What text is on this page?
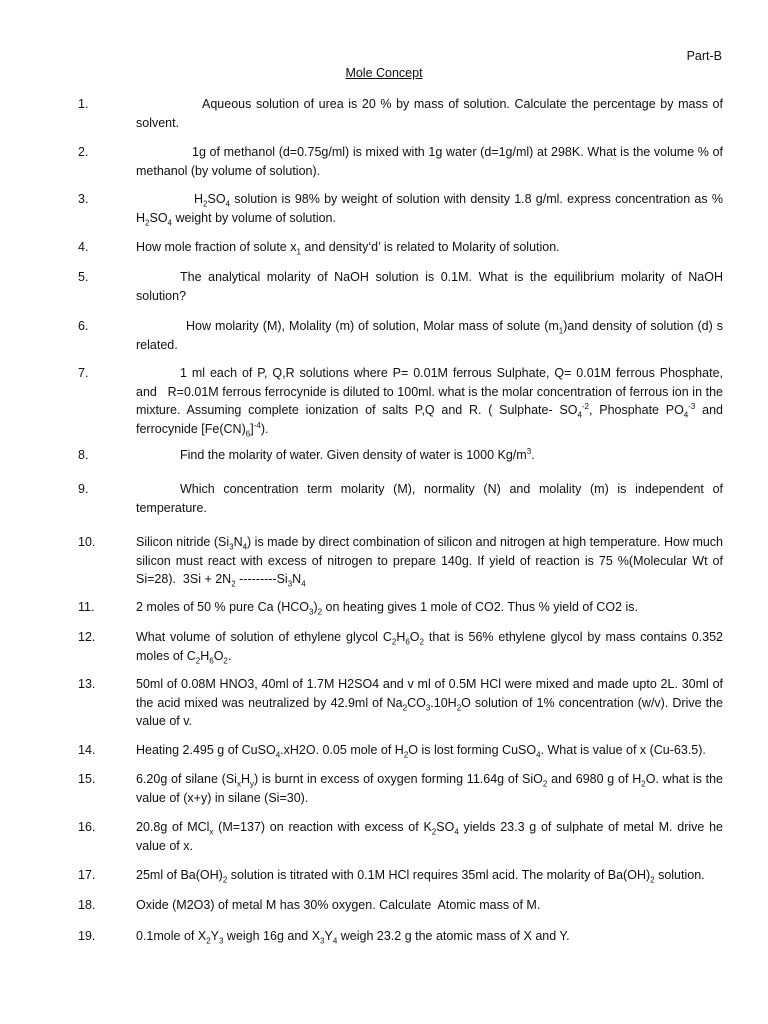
Part-B
Mole Concept
1.	Aqueous solution of urea is 20 % by mass of solution. Calculate the percentage by mass of solvent.
2.	1g of methanol (d=0.75g/ml) is mixed with 1g water (d=1g/ml) at 298K. What is the volume % of methanol (by volume of solution).
3.	$H_2SO_4$ solution is 98% by weight of solution with density 1.8 g/ml. express concentration as % $H_2SO_4$ weight by volume of solution.
4.	How mole fraction of solute $x_1$ and density‘d’ is related to Molarity of solution.
5.	The analytical molarity of NaOH solution is 0.1M. What is the equilibrium molarity of NaOH solution?
6.	How molarity (M), Molality (m) of solution, Molar mass of solute $(m_1)and$ density of solution (d) s related.
7.	1 ml each of P, Q,R solutions where P= 0.01M ferrous Sulphate, Q= 0.01M ferrous Phosphate, and   R=0.01M ferrous ferrocynide is diluted to 100ml. what is the molar concentration of ferrous ion in the mixture. Assuming complete ionization of salts P,Q and R. ( Sulphate- $SO_4^{-2}$, Phosphate $PO_4^{-3}$ and ferrocynide $[Fe(CN)_6]^{-4}$).
8.	Find the molarity of water. Given density of water is 1000 $Kg/m^3$.
9.	Which concentration term molarity (M), normality (N) and molality (m) is independent of temperature.
10.	Silicon nitride $(Si_3N_4)$ is made by direct combination of silicon and nitrogen at high temperature. How much silicon must react with excess of nitrogen to prepare 140g. If yield of reaction is 75 %(Molecular Wt of Si=28).  $3Si + 2N_2$ $---------Si_3N_4$
11.	2 moles of 50 % pure Ca $(HCO_3)_2$ on heating gives 1 mole of CO2. Thus % yield of CO2 is.
12.	What volume of solution of ethylene glycol $C_2H_6O_2$ that is 56% ethylene glycol by mass contains 0.352 moles of $C_2H_6O_2$.
13.	50ml of 0.08M HNO3, 40ml of 1.7M H2SO4 and v ml of 0.5M HCl were mixed and made upto 2L. 30ml of the acid mixed was neutralized by 42.9ml of $Na_2CO_3.10H_2O$ solution of 1% concentration (w/v). Drive the value of v.
14.	Heating 2.495 g of CuSO$_4$.xH2O. 0.05 mole of $H_2O$ is lost forming CuSO$_4$. What is value of x (Cu-63.5).
15.	6.20g of silane $(Si_xH_y)$ is burnt in excess of oxygen forming 11.64g of SiO$_2$ and 6980 g of $H_2O$. what is the value of (x+y) in silane (Si=30).
16.	20.8g of MCl$_x$ (M=137) on reaction with excess of $K_2SO_4$ yields 23.3 g of sulphate of metal M. drive he value of x.
17.	25ml of $Ba(OH)_2$ solution is titrated with 0.1M HCl requires 35ml acid. The molarity of $Ba(OH)_2$ solution.
18.	Oxide (M2O3) of metal M has 30% oxygen. Calculate  Atomic mass of M.
19.	0.1mole of $X_2Y_3$ weigh 16g and $X_3Y_4$ weigh 23.2 g the atomic mass of X and Y.
